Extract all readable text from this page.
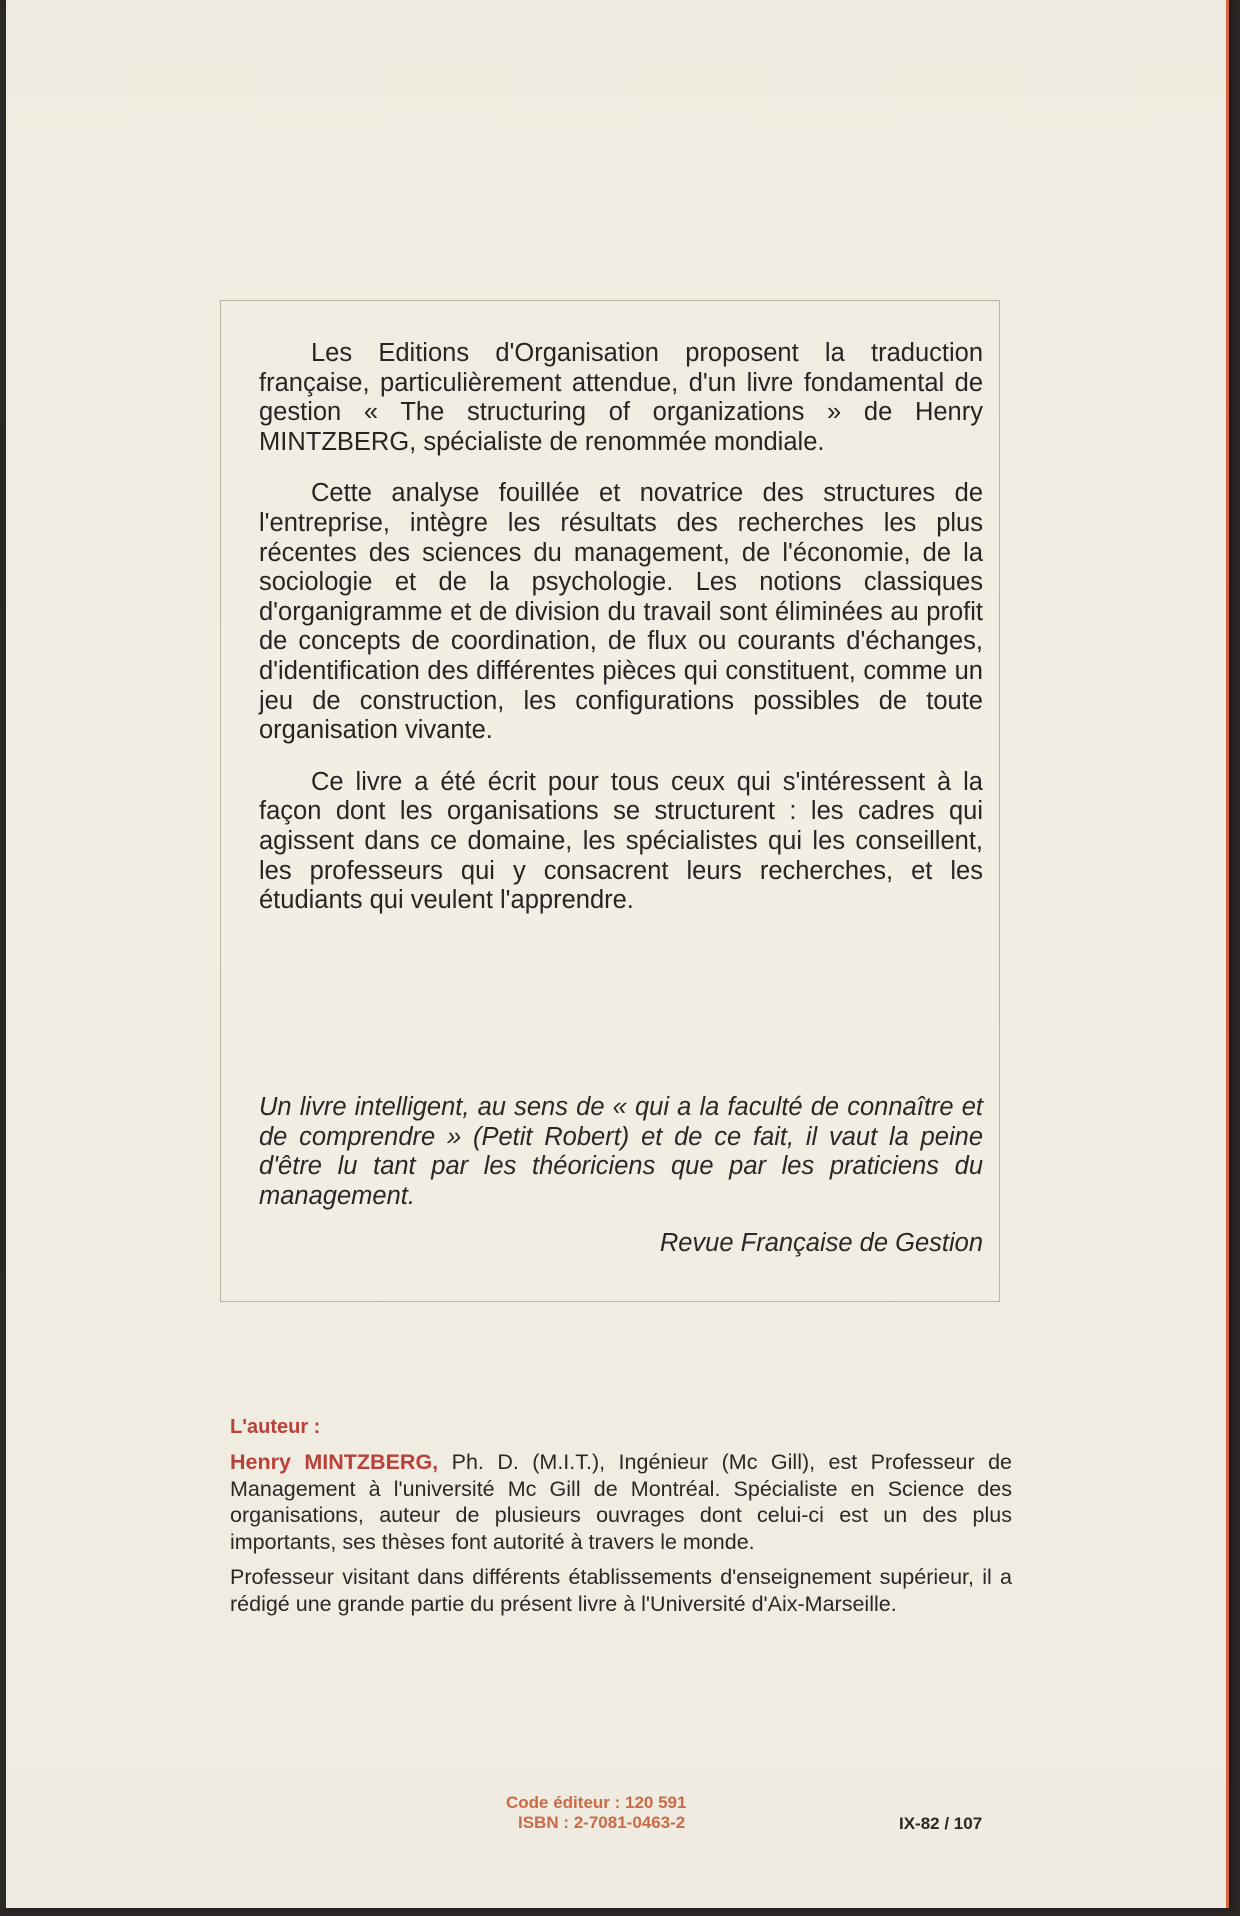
Les Editions d'Organisation proposent la traduction française, particulièrement attendue, d'un livre fondamental de gestion « The structuring of organizations » de Henry MINTZBERG, spécialiste de renommée mondiale.

Cette analyse fouillée et novatrice des structures de l'entreprise, intègre les résultats des recherches les plus récentes des sciences du management, de l'économie, de la sociologie et de la psychologie. Les notions classiques d'organigramme et de division du travail sont éliminées au profit de concepts de coordination, de flux ou courants d'échanges, d'identification des différentes pièces qui constituent, comme un jeu de construction, les configurations possibles de toute organisation vivante.

Ce livre a été écrit pour tous ceux qui s'intéressent à la façon dont les organisations se structurent : les cadres qui agissent dans ce domaine, les spécialistes qui les conseillent, les professeurs qui y consacrent leurs recherches, et les étudiants qui veulent l'apprendre.

Un livre intelligent, au sens de « qui a la faculté de connaître et de comprendre » (Petit Robert) et de ce fait, il vaut la peine d'être lu tant par les théoriciens que par les praticiens du management.

Revue Française de Gestion

L'auteur :

Henry MINTZBERG, Ph. D. (M.I.T.), Ingénieur (Mc Gill), est Professeur de Management à l'université Mc Gill de Montréal. Spécialiste en Science des organisations, auteur de plusieurs ouvrages dont celui-ci est un des plus importants, ses thèses font autorité à travers le monde.

Professeur visitant dans différents établissements d'enseignement supérieur, il a rédigé une grande partie du présent livre à l'Université d'Aix-Marseille.

Code éditeur : 120 591
ISBN : 2-7081-0463-2	IX-82 / 107
